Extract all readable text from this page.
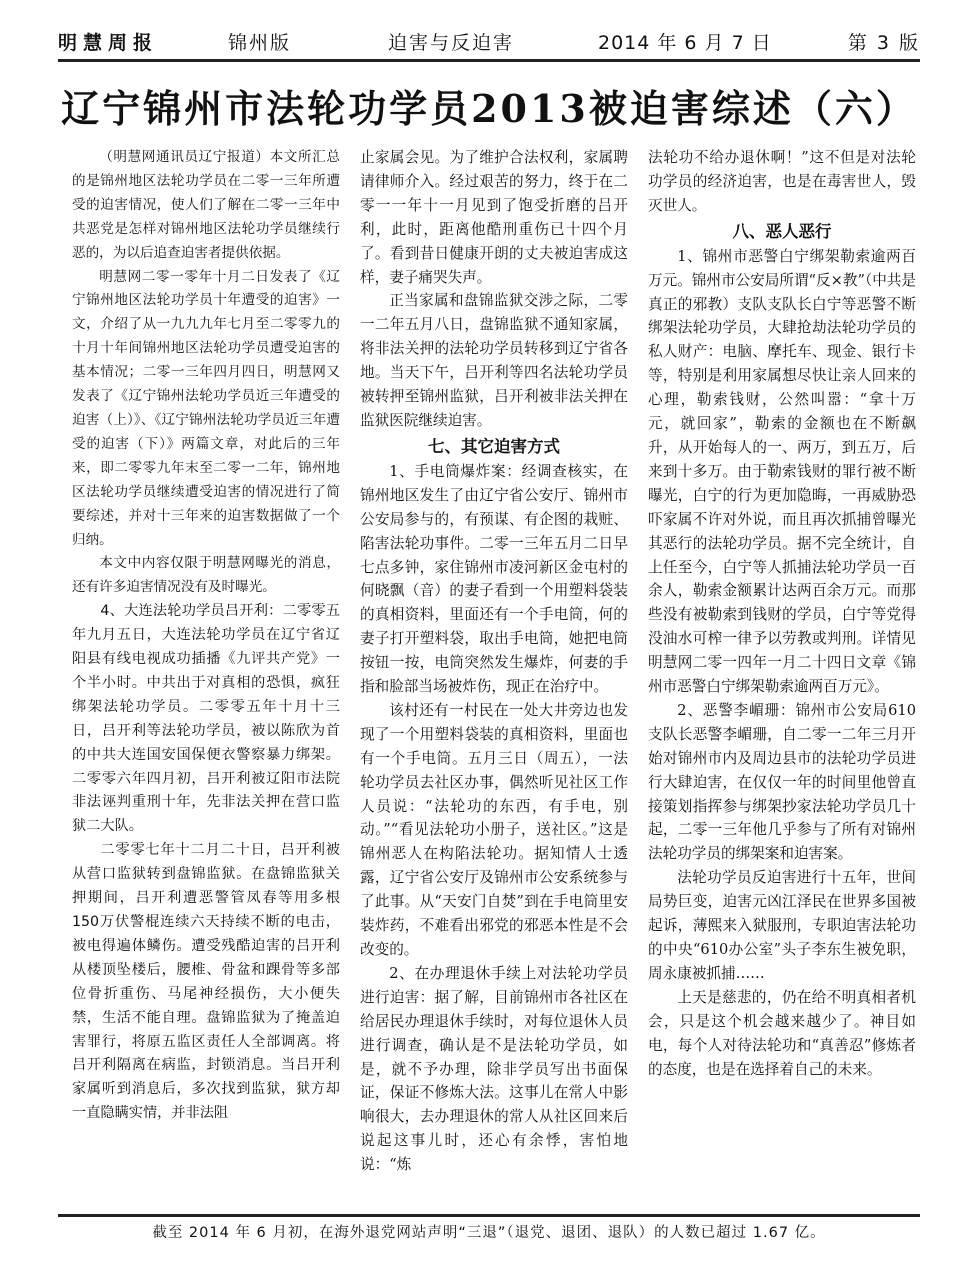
明慧周报	锦州版	迫害与反迫害	2014 年 6 月 7 日	第 3 版
辽宁锦州市法轮功学员2013被迫害综述（六）

（明慧网通讯员辽宁报道）本文所汇总的是锦州地区法轮功学员在二零一三年所遭受的迫害情况，使人们了解在二零一三年中共恶党是怎样对锦州地区法轮功学员继续行恶的，为以后追查迫害者提供依据。

明慧网二零一零年十月二日发表了《辽宁锦州地区法轮功学员十年遭受的迫害》一文，介绍了从一九九九年七月至二零零九的十月十年间锦州地区法轮功学员遭受迫害的基本情况；二零一三年四月四日，明慧网又发表了《辽宁锦州法轮功学员近三年遭受的迫害（上）》、《辽宁锦州法轮功学员近三年遭受的迫害（下）》两篇文章，对此后的三年来，即二零零九年末至二零一二年，锦州地区法轮功学员继续遭受迫害的情况进行了简要综述，并对十三年来的迫害数据做了一个归纳。

本文中内容仅限于明慧网曝光的消息，还有许多迫害情况没有及时曝光。

4、大连法轮功学员吕开利：二零零五年九月五日，大连法轮功学员在辽宁省辽阳县有线电视成功插播《九评共产党》一个半小时。中共出于对真相的恐惧，疯狂绑架法轮功学员。二零零五年十月十三日，吕开利等法轮功学员，被以陈欣为首的中共大连国安国保便衣警察暴力绑架。二零零六年四月初，吕开利被辽阳市法院非法诬判重刑十年，先非法关押在营口监狱二大队。

二零零七年十二月二十日，吕开利被从营口监狱转到盘锦监狱。在盘锦监狱关押期间，吕开利遭恶警管凤春等用多根150万伏警棍连续六天持续不断的电击，被电得遍体鳞伤。遭受残酷迫害的吕开利从楼顶坠楼后，腰椎、骨盆和踝骨等多部位骨折重伤、马尾神经损伤，大小便失禁，生活不能自理。盘锦监狱为了掩盖迫害罪行，将原五监区责任人全部调离。将吕开利隔离在病监，封锁消息。当吕开利家属听到消息后，多次找到监狱，狱方却一直隐瞒实情，并非法阻

止家属会见。为了维护合法权利，家属聘请律师介入。经过艰苦的努力，终于在二零一一年十一月见到了饱受折磨的吕开利，此时，距离他酷刑重伤已十四个月了。看到昔日健康开朗的丈夫被迫害成这样，妻子痛哭失声。

正当家属和盘锦监狱交涉之际，二零一二年五月八日，盘锦监狱不通知家属，将非法关押的法轮功学员转移到辽宁省各地。当天下午，吕开利等四名法轮功学员被转押至锦州监狱，吕开利被非法关押在监狱医院继续迫害。

七、其它迫害方式

1、手电筒爆炸案：经调查核实，在锦州地区发生了由辽宁省公安厅、锦州市公安局参与的，有预谋、有企图的栽赃、陷害法轮功事件。二零一三年五月二日早七点多钟，家住锦州市凌河新区金屯村的何晓飘（音）的妻子看到一个用塑料袋装的真相资料，里面还有一个手电筒，何的妻子打开塑料袋，取出手电筒，她把电筒按钮一按，电筒突然发生爆炸，何妻的手指和脸部当场被炸伤，现正在治疗中。

该村还有一村民在一处大井旁边也发现了一个用塑料袋装的真相资料，里面也有一个手电筒。五月三日（周五），一法轮功学员去社区办事，偶然听见社区工作人员说：“法轮功的东西，有手电，别动。”“看见法轮功小册子，送社区。”这是锦州恶人在构陷法轮功。据知情人士透露，辽宁省公安厅及锦州市公安系统参与了此事。从“天安门自焚”到在手电筒里安装炸药，不难看出邪党的邪恶本性是不会改变的。

2、在办理退休手续上对法轮功学员进行迫害：据了解，目前锦州市各社区在给居民办理退休手续时，对每位退休人员进行调查，确认是不是法轮功学员，如是，就不予办理，除非学员写出书面保证，保证不修炼大法。这事儿在常人中影响很大，去办理退休的常人从社区回来后说起这事儿时，还心有余悸，害怕地说：“炼

法轮功不给办退休啊！”这不但是对法轮功学员的经济迫害，也是在毒害世人，毁灭世人。

八、恶人恶行

1、锦州市恶警白宁绑架勒索逾两百万元。锦州市公安局所谓“反×教”（中共是真正的邪教）支队支队长白宁等恶警不断绑架法轮功学员，大肆抢劫法轮功学员的私人财产：电脑、摩托车、现金、银行卡等，特别是利用家属想尽快让亲人回来的心理，勒索钱财，公然叫嚣：“拿十万元，就回家”，勒索的金额也在不断飙升，从开始每人的一、两万，到五万，后来到十多万。由于勒索钱财的罪行被不断曝光，白宁的行为更加隐晦，一再威胁恐吓家属不许对外说，而且再次抓捕曾曝光其恶行的法轮功学员。据不完全统计，自上任至今，白宁等人抓捕法轮功学员一百余人，勒索金额累计达两百余万元。而那些没有被勒索到钱财的学员，白宁等党得没油水可榨一律予以劳教或判刑。详情见明慧网二零一四年一月二十四日文章《锦州市恶警白宁绑架勒索逾两百万元》。

2、恶警李嵋珊：锦州市公安局610支队长恶警李嵋珊，自二零一二年三月开始对锦州市内及周边县市的法轮功学员进行大肆迫害，在仅仅一年的时间里他曾直接策划指挥参与绑架抄家法轮功学员几十起，二零一三年他几乎参与了所有对锦州法轮功学员的绑架案和迫害案。

法轮功学员反迫害进行十五年，世间局势巨变，迫害元凶江泽民在世界多国被起诉，薄熙来入狱服刑，专职迫害法轮功的中央“610办公室”头子李东生被免职，周永康被抓捕……

上天是慈悲的，仍在给不明真相者机会，只是这个机会越来越少了。神目如电，每个人对待法轮功和“真善忍”修炼者的态度，也是在选择着自己的未来。

截至 2014 年 6 月初，在海外退党网站声明“三退”（退党、退团、退队）的人数已超过 1.67 亿。
